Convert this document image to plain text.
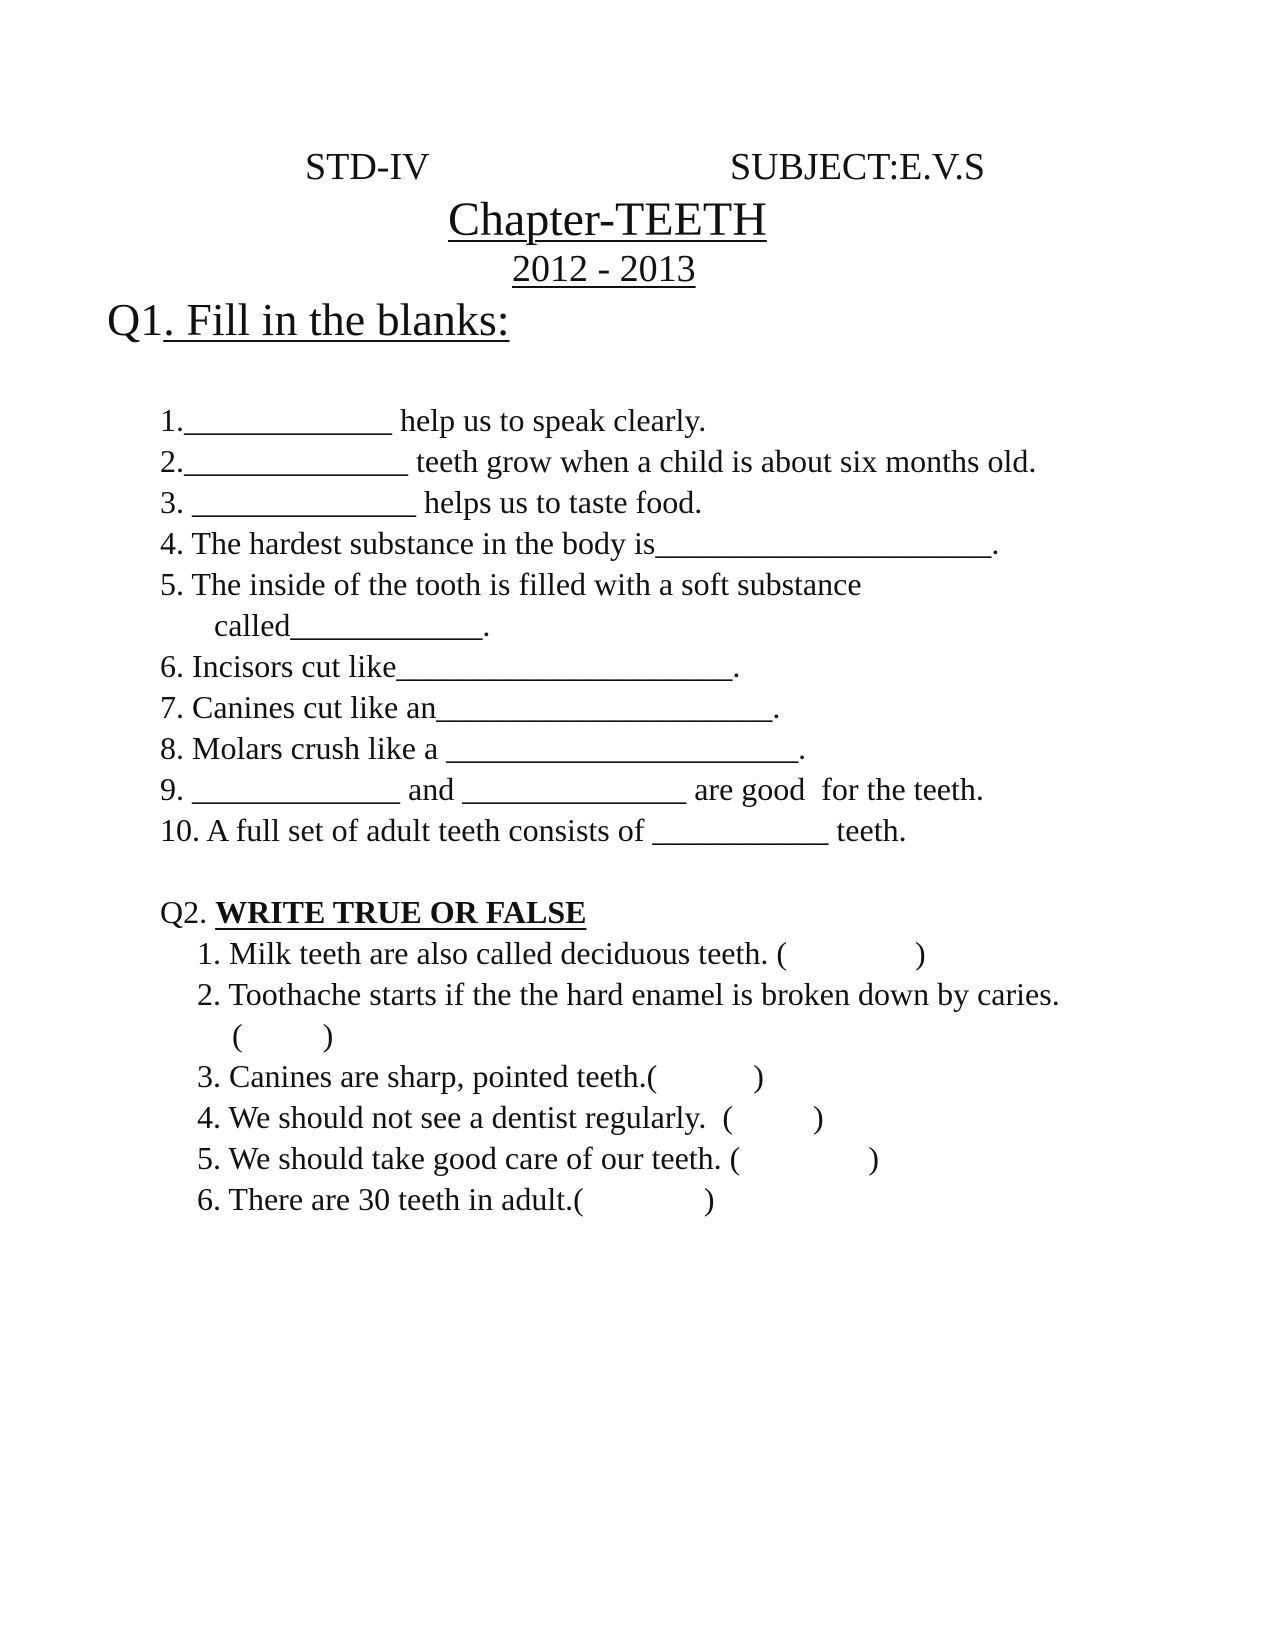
STD-IV	SUBJECT:E.V.S
Chapter-TEETH
2012 - 2013
Q1. Fill in the blanks:
1._____________ help us to speak clearly.
2.______________ teeth grow when a child is about six months old.
3. ______________ helps us to taste food.
4. The hardest substance in the body is_____________________.
5. The inside of the tooth is filled with a soft substance
called____________.
6. Incisors cut like_____________________.
7. Canines cut like an_____________________.
8. Molars crush like a ______________________.
9. _____________ and ______________ are good  for the teeth.
10. A full set of adult teeth consists of ___________ teeth.
Q2. WRITE TRUE OR FALSE
1. Milk teeth are also called deciduous teeth. (                )
2. Toothache starts if the the hard enamel is broken down by caries.
(          )
3. Canines are sharp, pointed teeth.(            )
4. We should not see a dentist regularly.  (          )
5. We should take good care of our teeth. (                )
6. There are 30 teeth in adult.(               )
